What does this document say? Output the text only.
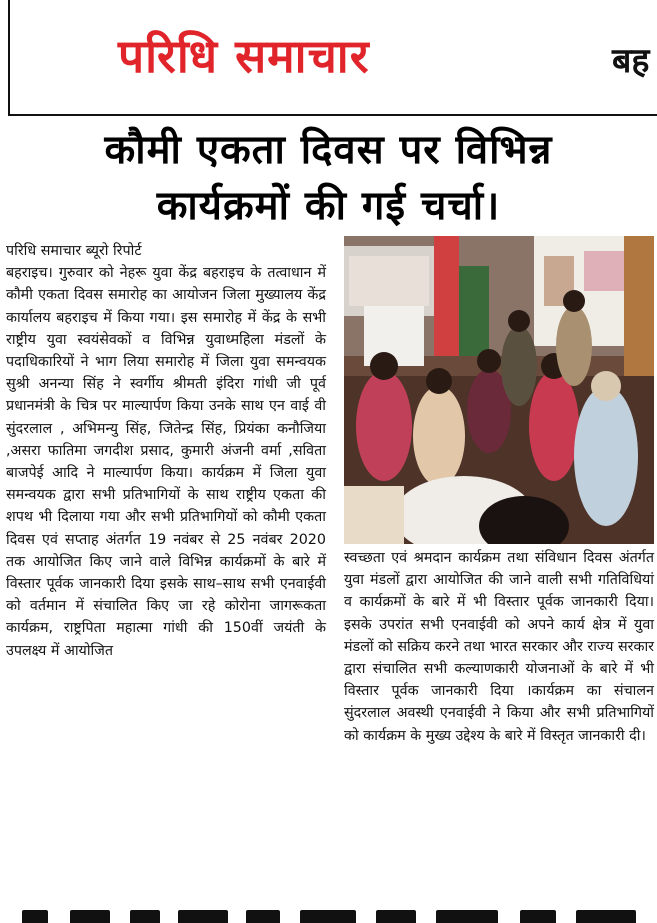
परिधि समाचार	बह
कौमी एकता दिवस पर विभिन्न
कार्यक्रमों की गई चर्चा।
परिधि समाचार ब्यूरो रिपोर्ट
बहराइच। गुरुवार को नेहरू युवा केंद्र बहराइच के तत्वाधान में कौमी एकता दिवस समारोह का आयोजन जिला मुख्यालय केंद्र कार्यालय बहराइच में किया गया। इस समारोह में केंद्र के सभी राष्ट्रीय युवा स्वयंसेवकों व विभिन्न युवाध्महिला मंडलों के पदाधिकारियों ने भाग लिया समारोह में जिला युवा समन्वयक सुश्री अनन्या सिंह ने स्वर्गीय श्रीमती इंदिरा गांधी जी पूर्व प्रधानमंत्री के चित्र पर माल्यार्पण किया उनके साथ एन वाई वी सुंदरलाल , अभिमन्यु सिंह, जितेन्द्र सिंह, प्रियंका कनौजिया ,असरा फातिमा जगदीश प्रसाद, कुमारी अंजनी वर्मा ,सविता बाजपेई आदि ने माल्यार्पण किया। कार्यक्रम में जिला युवा समन्वयक द्वारा सभी प्रतिभागियों के साथ राष्ट्रीय एकता की शपथ भी दिलाया गया और सभी प्रतिभागियों को कौमी एकता दिवस एवं सप्ताह अंतर्गत 19 नवंबर से 25 नवंबर 2020 तक आयोजित किए जाने वाले विभिन्न कार्यक्रमों के बारे में विस्तार पूर्वक जानकारी दिया इसके साथ–साथ सभी एनवाईवी को वर्तमान में संचालित किए जा रहे कोरोना जागरूकता कार्यक्रम, राष्ट्रपिता महात्मा गांधी की 150वीं जयंती के उपलक्ष्य में आयोजित
स्वच्छता एवं श्रमदान कार्यक्रम तथा संविधान दिवस अंतर्गत युवा मंडलों द्वारा आयोजित की जाने वाली सभी गतिविधियां व कार्यक्रमों के बारे में भी विस्तार पूर्वक जानकारी दिया। इसके उपरांत सभी एनवाईवी को अपने कार्य क्षेत्र में युवा मंडलों को सक्रिय करने तथा भारत सरकार और राज्य सरकार द्वारा संचालित सभी कल्याणकारी योजनाओं के बारे में भी विस्तार पूर्वक जानकारी दिया ।कार्यक्रम का संचालन सुंदरलाल अवस्थी एनवाईवी ने किया और सभी प्रतिभागियों को कार्यक्रम के मुख्य उद्देश्य के बारे में विस्तृत जानकारी दी।
